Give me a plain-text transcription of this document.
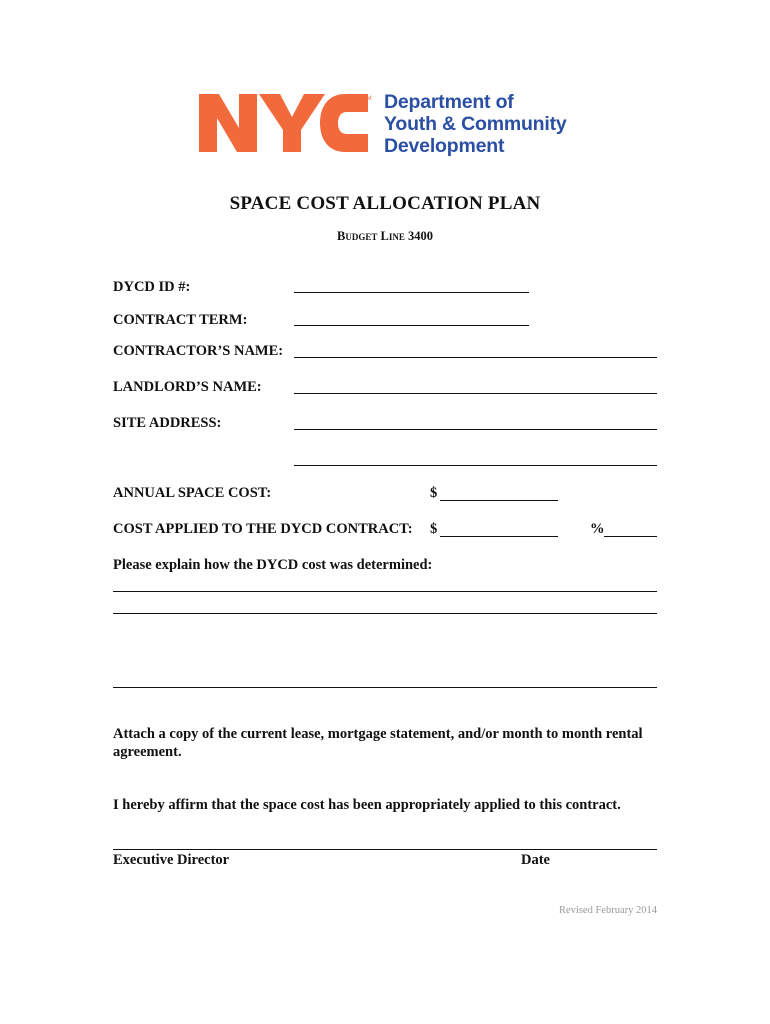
TM Department of
Youth & Community
Development
SPACE COST ALLOCATION PLAN
Budget Line 3400
DYCD ID #:
CONTRACT TERM:
CONTRACTOR’S NAME:
LANDLORD’S NAME:
SITE ADDRESS:
ANNUAL SPACE COST:	$
COST APPLIED TO THE DYCD CONTRACT: $	%
Please explain how the DYCD cost was determined:
Attach a copy of the current lease, mortgage statement, and/or month to month rental agreement.
I hereby affirm that the space cost has been appropriately applied to this contract.
Executive Director	Date
Revised February 2014
